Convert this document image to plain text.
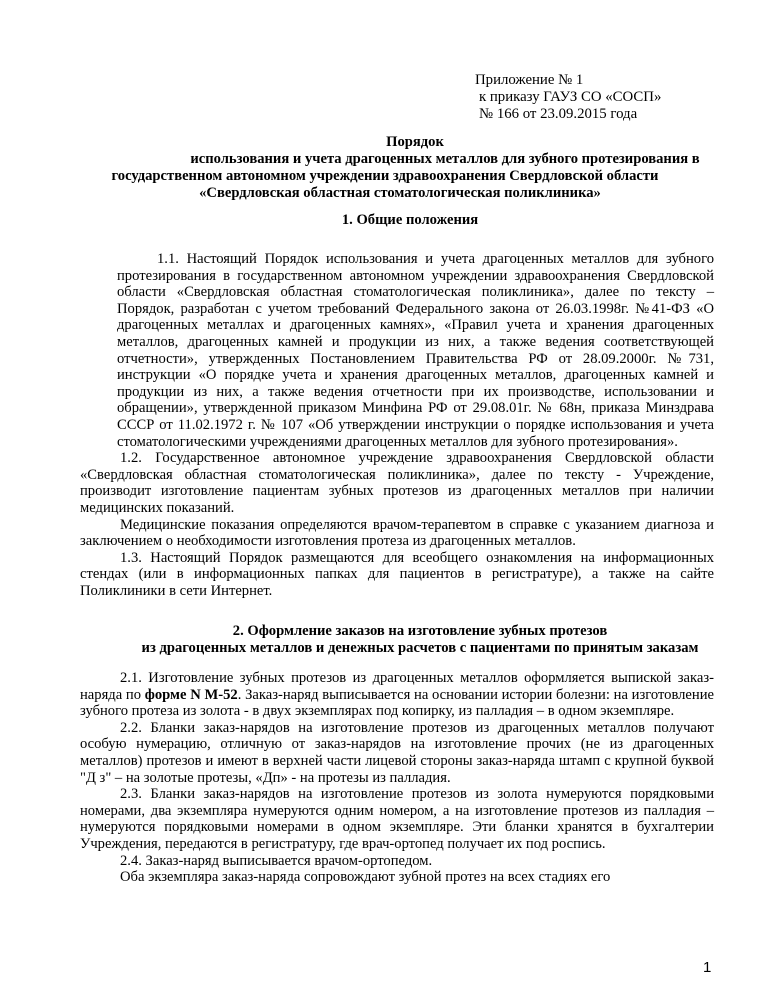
Приложение № 1
к приказу ГАУЗ СО «СОСП»
№ 166 от 23.09.2015 года
Порядок
использования и учета драгоценных металлов для зубного протезирования в
государственном автономном учреждении здравоохранения Свердловской области
«Свердловская областная стоматологическая поликлиника»
1. Общие положения

1.1. Настоящий Порядок использования и учета драгоценных металлов для зубного протезирования в государственном автономном учреждении здравоохранения Свердловской области «Свердловская областная стоматологическая поликлиника», далее по тексту – Порядок, разработан с учетом требований Федерального закона от 26.03.1998г. №41-ФЗ «О драгоценных металлах и драгоценных камнях», «Правил учета и хранения драгоценных металлов, драгоценных камней и продукции из них, а также ведения соответствующей отчетности», утвержденных Постановлением Правительства РФ от 28.09.2000г. №731, инструкции «О порядке учета и хранения драгоценных металлов, драгоценных камней и продукции из них, а также ведения отчетности при их производстве, использовании и обращении», утвержденной приказом Минфина РФ от 29.08.01г. № 68н, приказа Минздрава СССР от 11.02.1972 г. № 107 «Об утверждении инструкции о порядке использования и учета стоматологическими учреждениями драгоценных металлов для зубного протезирования».

1.2. Государственное автономное учреждение здравоохранения Свердловской области «Свердловская областная стоматологическая поликлиника», далее по тексту - Учреждение, производит изготовление пациентам зубных протезов из драгоценных металлов при наличии медицинских показаний.

Медицинские показания определяются врачом-терапевтом в справке с указанием диагноза и заключением о необходимости изготовления протеза из драгоценных металлов.

1.3. Настоящий Порядок размещаются для всеобщего ознакомления на информационных стендах (или в информационных папках для пациентов в регистратуре), а также на сайте Поликлиники в сети Интернет.

2. Оформление заказов на изготовление зубных протезов
из драгоценных металлов и денежных расчетов с пациентами по принятым заказам

2.1. Изготовление зубных протезов из драгоценных металлов оформляется выпиской заказ-наряда по форме N М-52. Заказ-наряд выписывается на основании истории болезни: на изготовление зубного протеза из золота - в двух экземплярах под копирку, из палладия – в одном экземпляре.

2.2. Бланки заказ-нарядов на изготовление протезов из драгоценных металлов получают особую нумерацию, отличную от заказ-нарядов на изготовление прочих (не из драгоценных металлов) протезов и имеют в верхней части лицевой стороны заказ-наряда штамп с крупной буквой "Д з" – на золотые протезы, «Дп» - на протезы из палладия.

2.3. Бланки заказ-нарядов на изготовление протезов из золота нумеруются порядковыми номерами, два экземпляра нумеруются одним номером, а на изготовление протезов из палладия – нумеруются порядковыми номерами в одном экземпляре. Эти бланки хранятся в бухгалтерии Учреждения, передаются в регистратуру, где врач-ортопед получает их под роспись.

2.4. Заказ-наряд выписывается врачом-ортопедом.

Оба экземпляра заказ-наряда сопровождают зубной протез на всех стадиях его

1
